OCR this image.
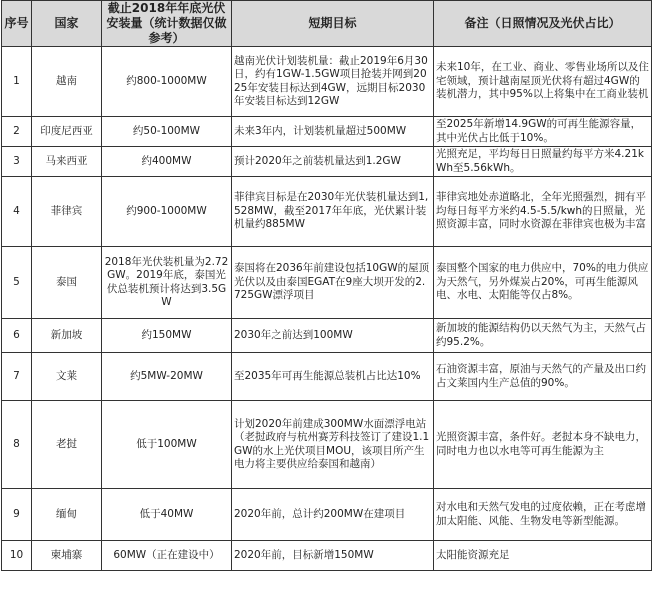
序号	国家	截止2018年年底光伏安装量（统计数据仅做参考）	短期目标	备注（日照情况及光伏占比）
1	越南	约800-1000MW	越南光伏计划装机量：截止2019年6月30日，约有1GW-1.5GW项目抢装并网到2025年安装目标达到4GW，远期目标2030年安装目标达到12GW	未来10年，在工业、商业、零售业场所以及住宅领域，预计越南屋顶光伏将有超过4GW的装机潜力，其中95%以上将集中在工商业装机
2	印度尼西亚	约50-100MW	未来3年内，计划装机量超过500MW	至2025年新增14.9GW的可再生能源容量，其中光伏占比低于10%。
3	马来西亚	约400MW	预计2020年之前装机量达到1.2GW	光照充足，平均每日日照量约每平方米4.21kWh至5.56kWh。
4	菲律宾	约900-1000MW	菲律宾目标是在2030年光伏装机量达到1,528MW，截至2017年年底，光伏累计装机量约885MW	菲律宾地处赤道略北，全年光照强烈，拥有平均每日每平方米约4.5-5.5/kwh的日照量，光照资源丰富，同时水资源在菲律宾也极为丰富
5	泰国	2018年光伏装机量为2.72GW。2019年底，泰国光伏总装机预计将达到3.5GW	泰国将在2036年前建设包括10GW的屋顶光伏以及由泰国EGAT在9座大坝开发的2.725GW漂浮项目	泰国整个国家的电力供应中，70%的电力供应为天然气，另外煤炭占20%，可再生能源风电、水电、太阳能等仅占8%。
6	新加坡	约150MW	2030年之前达到100MW	新加坡的能源结构仍以天然气为主，天然气占约95.2%。
7	文莱	约5MW-20MW	至2035年可再生能源总装机占比达10%	石油资源丰富，原油与天然气的产量及出口约占文莱国内生产总值的90%。
8	老挝	低于100MW	计划2020年前建成300MW水面漂浮电站（老挝政府与杭州赛芳科技签订了建设1.1GW的水上光伏项目MOU，该项目所产生电力将主要供应给泰国和越南）	光照资源丰富，条件好。老挝本身不缺电力，同时电力也以水电等可再生能源为主
9	缅甸	低于40MW	2020年前，总计约200MW在建项目	对水电和天然气发电的过度依赖，正在考虑增加太阳能、风能、生物发电等新型能源。
10	柬埔寨	60MW（正在建设中）	2020年前，目标新增150MW	太阳能资源充足
